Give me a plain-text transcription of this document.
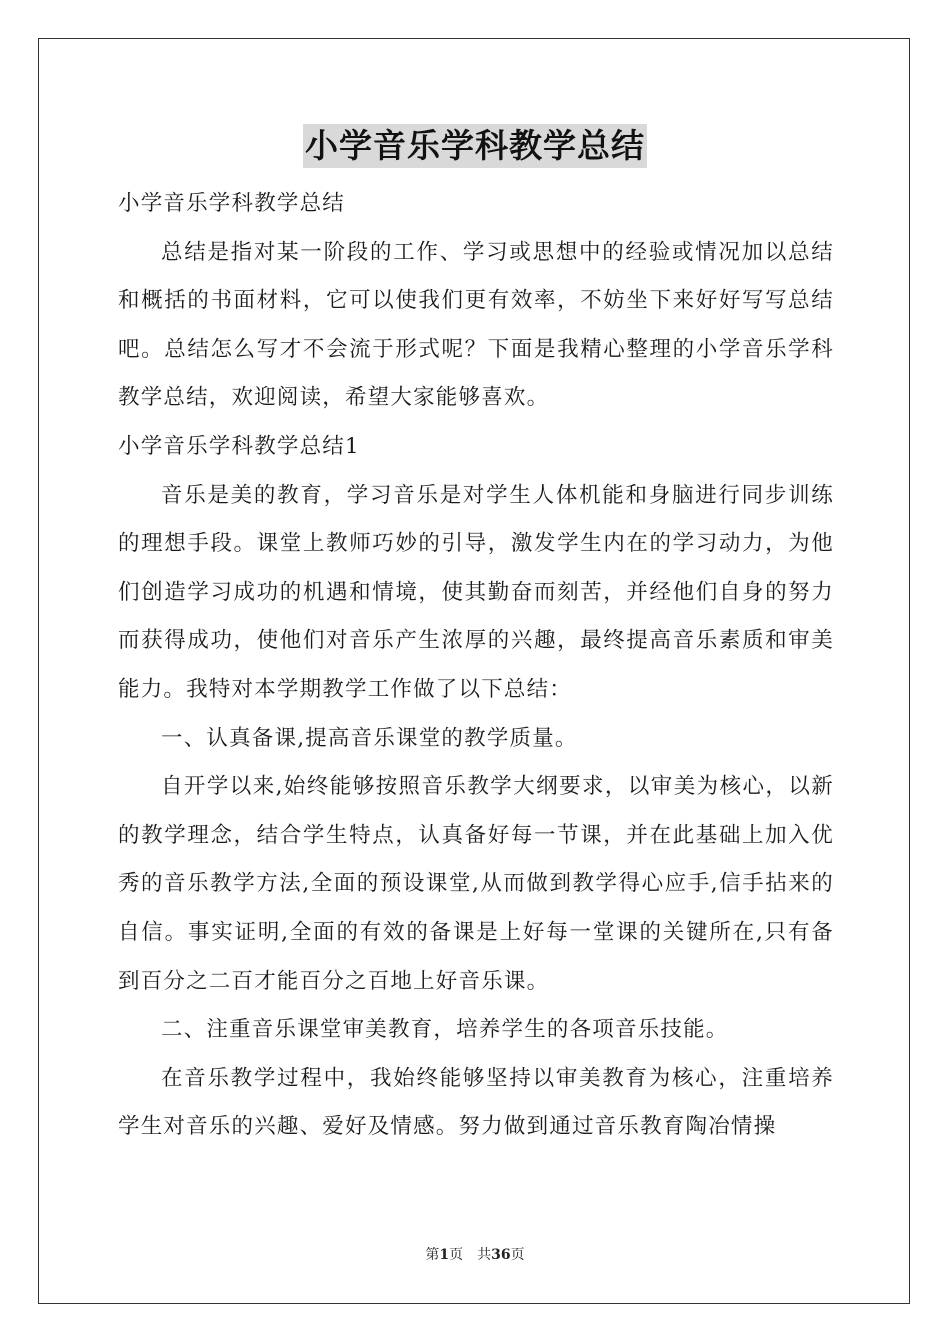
小学音乐学科教学总结

小学音乐学科教学总结

总结是指对某一阶段的工作、学习或思想中的经验或情况加以总结和概括的书面材料，它可以使我们更有效率，不妨坐下来好好写写总结吧。总结怎么写才不会流于形式呢？下面是我精心整理的小学音乐学科教学总结，欢迎阅读，希望大家能够喜欢。

小学音乐学科教学总结1

音乐是美的教育，学习音乐是对学生人体机能和身脑进行同步训练的理想手段。课堂上教师巧妙的引导，激发学生内在的学习动力，为他们创造学习成功的机遇和情境，使其勤奋而刻苦，并经他们自身的努力而获得成功，使他们对音乐产生浓厚的兴趣，最终提高音乐素质和审美能力。我特对本学期教学工作做了以下总结：

一、认真备课,提高音乐课堂的教学质量。

自开学以来,始终能够按照音乐教学大纲要求，以审美为核心，以新的教学理念，结合学生特点，认真备好每一节课，并在此基础上加入优秀的音乐教学方法,全面的预设课堂,从而做到教学得心应手,信手拈来的自信。事实证明,全面的有效的备课是上好每一堂课的关键所在,只有备到百分之二百才能百分之百地上好音乐课。

二、注重音乐课堂审美教育，培养学生的各项音乐技能。

在音乐教学过程中，我始终能够坚持以审美教育为核心，注重培养学生对音乐的兴趣、爱好及情感。努力做到通过音乐教育陶冶情操

第1页 共36页
